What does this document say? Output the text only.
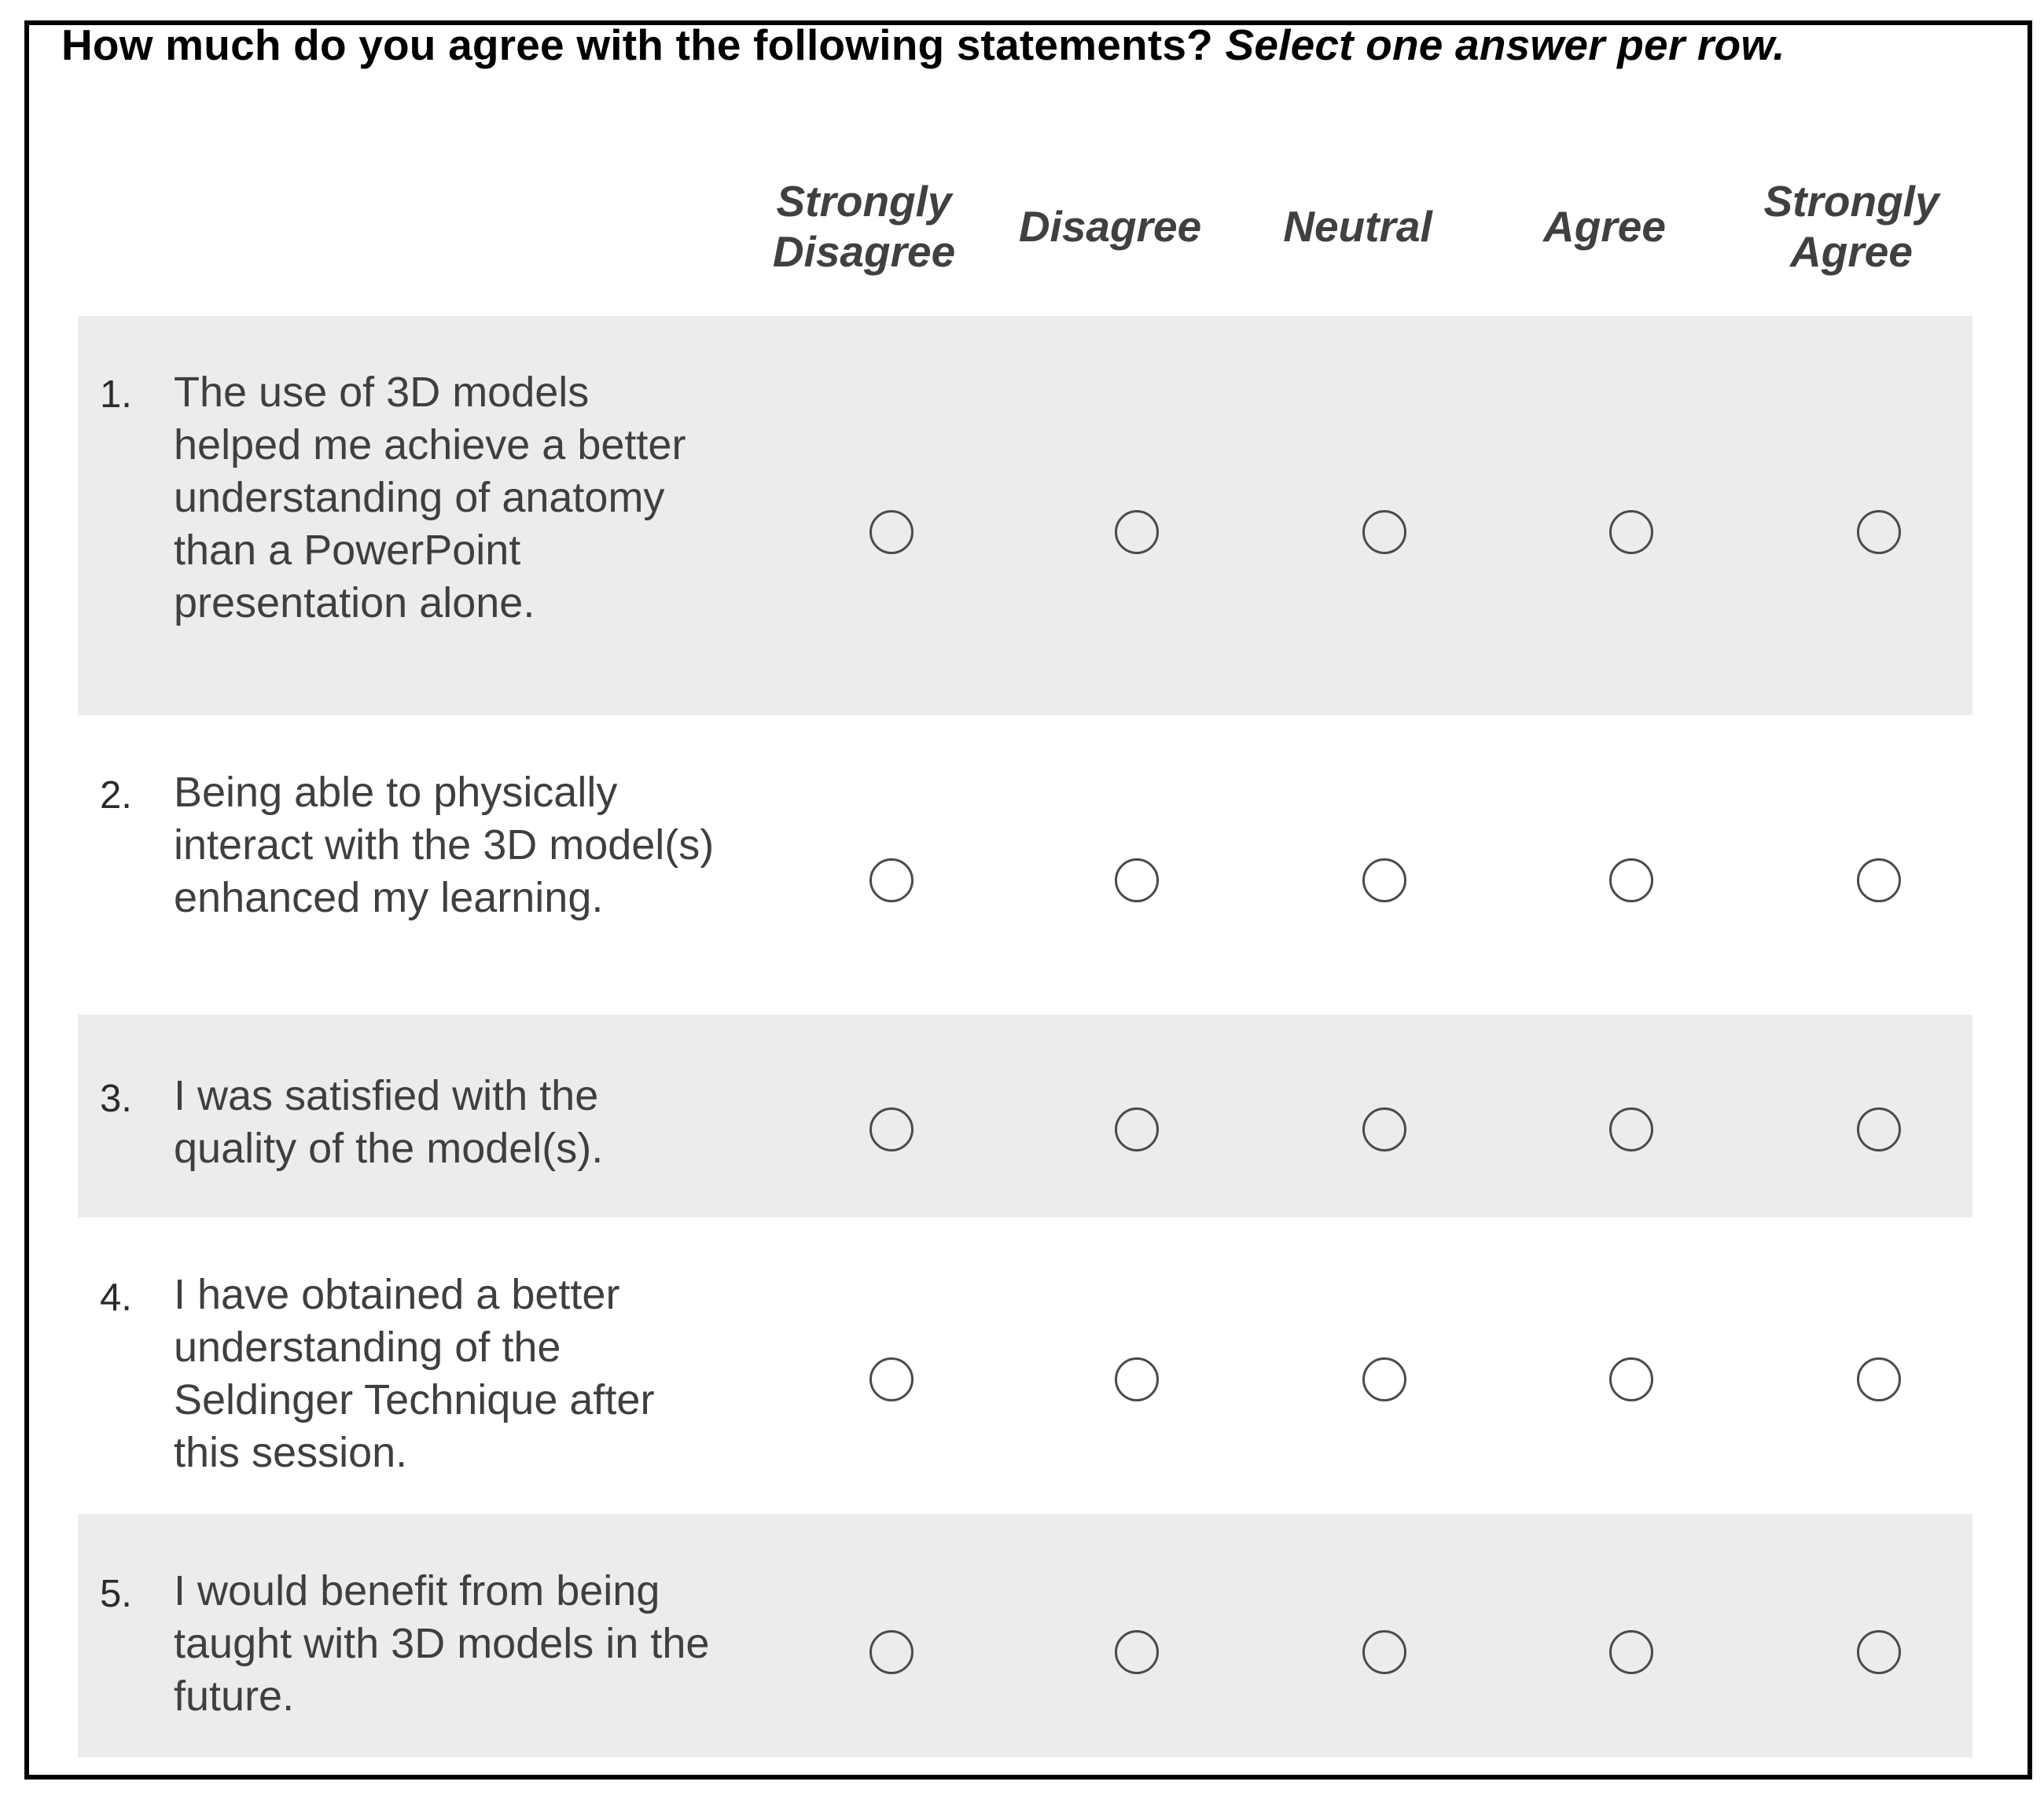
How much do you agree with the following statements? Select one answer per row.
Strongly
Disagree
Disagree	Neutral	Agree
Strongly
Agree
1. The use of 3D models helped me achieve a better understanding of anatomy than a PowerPoint presentation alone.
2. Being able to physically interact with the 3D model(s) enhanced my learning.
3. I was satisfied with the quality of the model(s).
4. I have obtained a better understanding of the Seldinger Technique after this session.
5. I would benefit from being taught with 3D models in the future.
